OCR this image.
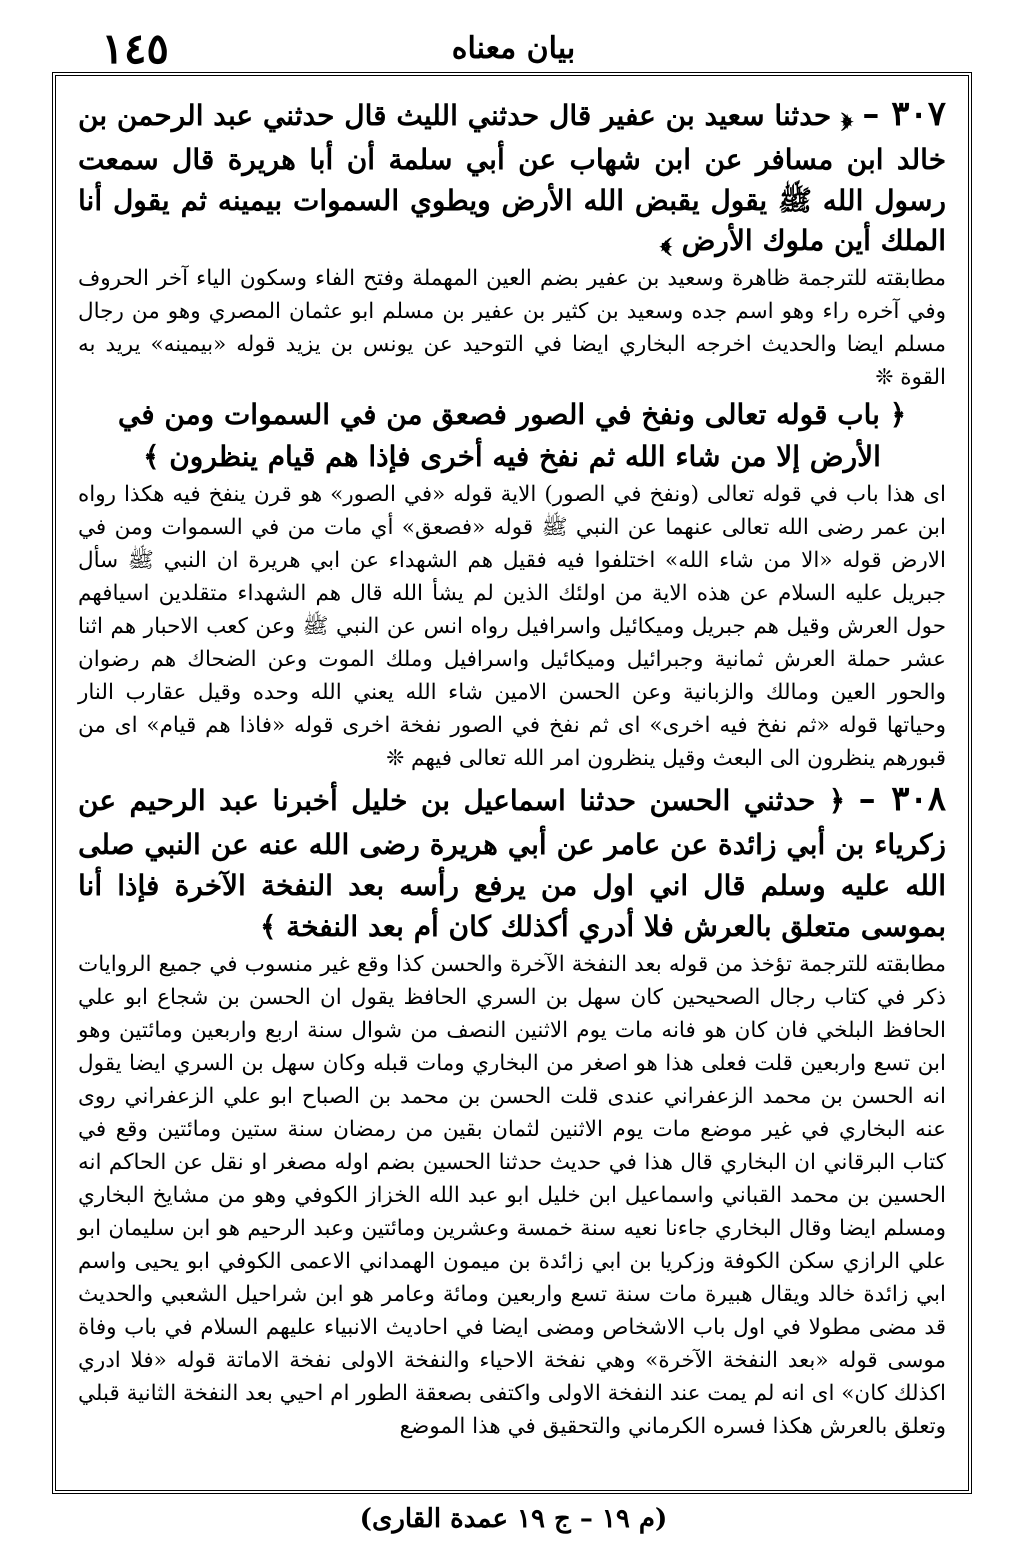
١٤٥	بيان معناه

٣٠٧ – ﴿ حدثنا سعيد بن عفير قال حدثني الليث قال حدثني عبد الرحمن بن خالد ابن مسافر عن ابن شهاب عن أبي سلمة أن أبا هريرة قال سمعت رسول الله ﷺ يقول يقبض الله الأرض ويطوي السموات بيمينه ثم يقول أنا الملك أين ملوك الأرض ﴾

مطابقته للترجمة ظاهرة وسعيد بن عفير بضم العين المهملة وفتح الفاء وسكون الياء آخر الحروف وفي آخره راء وهو اسم جده وسعيد بن كثير بن عفير بن مسلم ابو عثمان المصري وهو من رجال مسلم ايضا والحديث اخرجه البخاري ايضا في التوحيد عن يونس بن يزيد قوله «بيمينه» يريد به القوة ❊

﴿ باب قوله تعالى ونفخ في الصور فصعق من في السموات ومن في الأرض إلا من شاء الله ثم نفخ فيه أخرى فإذا هم قيام ينظرون ﴾

اى هذا باب في قوله تعالى (ونفخ في الصور) الاية قوله «في الصور» هو قرن ينفخ فيه هكذا رواه ابن عمر رضى الله تعالى عنهما عن النبي ﷺ قوله «فصعق» أي مات من في السموات ومن في الارض قوله «الا من شاء الله» اختلفوا فيه فقيل هم الشهداء عن ابي هريرة ان النبي ﷺ سأل جبريل عليه السلام عن هذه الاية من اولئك الذين لم يشأ الله قال هم الشهداء متقلدين اسيافهم حول العرش وقيل هم جبريل وميكائيل واسرافيل رواه انس عن النبي ﷺ وعن كعب الاحبار هم اثنا عشر حملة العرش ثمانية وجبرائيل وميكائيل واسرافيل وملك الموت وعن الضحاك هم رضوان والحور العين ومالك والزبانية وعن الحسن الامين شاء الله يعني الله وحده وقيل عقارب النار وحياتها قوله «ثم نفخ فيه اخرى» اى ثم نفخ في الصور نفخة اخرى قوله «فاذا هم قيام» اى من قبورهم ينظرون الى البعث وقيل ينظرون امر الله تعالى فيهم ❊

٣٠٨ – ﴿ حدثني الحسن حدثنا اسماعيل بن خليل أخبرنا عبد الرحيم عن زكرياء بن أبي زائدة عن عامر عن أبي هريرة رضى الله عنه عن النبي صلى الله عليه وسلم قال اني اول من يرفع رأسه بعد النفخة الآخرة فإذا أنا بموسى متعلق بالعرش فلا أدري أكذلك كان أم بعد النفخة ﴾

مطابقته للترجمة تؤخذ من قوله بعد النفخة الآخرة والحسن كذا وقع غير منسوب في جميع الروايات ذكر في كتاب رجال الصحيحين كان سهل بن السري الحافظ يقول ان الحسن بن شجاع ابو علي الحافظ البلخي فان كان هو فانه مات يوم الاثنين النصف من شوال سنة اربع واربعين ومائتين وهو ابن تسع واربعين قلت فعلى هذا هو اصغر من البخاري ومات قبله وكان سهل بن السري ايضا يقول انه الحسن بن محمد الزعفراني عندى قلت الحسن بن محمد بن الصباح ابو علي الزعفراني روى عنه البخاري في غير موضع مات يوم الاثنين لثمان بقين من رمضان سنة ستين ومائتين وقع في كتاب البرقاني ان البخاري قال هذا في حديث حدثنا الحسين بضم اوله مصغر او نقل عن الحاكم انه الحسين بن محمد القباني واسماعيل ابن خليل ابو عبد الله الخزاز الكوفي وهو من مشايخ البخاري ومسلم ايضا وقال البخاري جاءنا نعيه سنة خمسة وعشرين ومائتين وعبد الرحيم هو ابن سليمان ابو علي الرازي سكن الكوفة وزكريا بن ابي زائدة بن ميمون الهمداني الاعمى الكوفي ابو يحيى واسم ابي زائدة خالد ويقال هبيرة مات سنة تسع واربعين ومائة وعامر هو ابن شراحيل الشعبي والحديث قد مضى مطولا في اول باب الاشخاص ومضى ايضا في احاديث الانبياء عليهم السلام في باب وفاة موسى قوله «بعد النفخة الآخرة» وهي نفخة الاحياء والنفخة الاولى نفخة الاماتة قوله «فلا ادري اكذلك كان» اى انه لم يمت عند النفخة الاولى واكتفى بصعقة الطور ام احيي بعد النفخة الثانية قبلي وتعلق بالعرش هكذا فسره الكرماني والتحقيق في هذا الموضع

(م ١٩ – ج ١٩ عمدة القارى)
